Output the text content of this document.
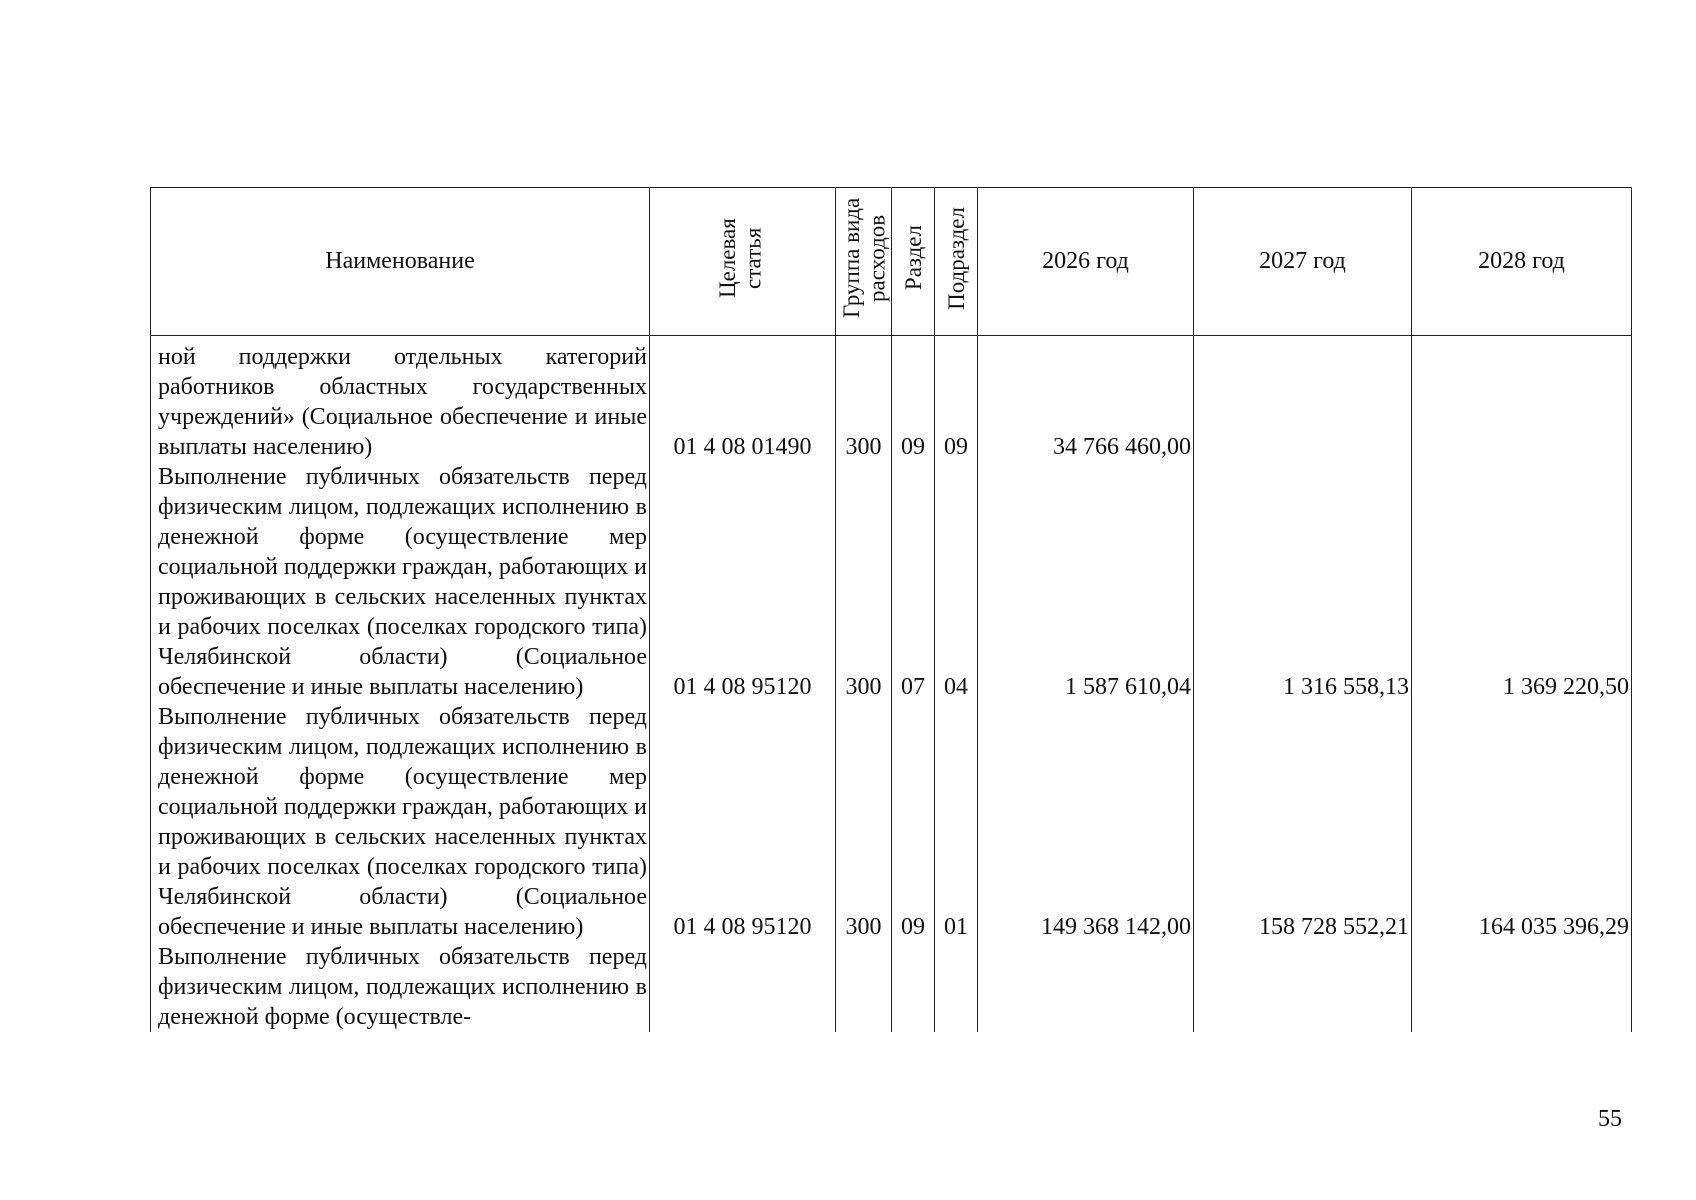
Наименование	Целевая статья	Группа вида расходов	Раздел	Подраздел	2026 год	2027 год	2028 год
ной поддержки отдельных категорий работников областных государственных учреждений» (Социальное обеспечение и иные выплаты населению)	01 4 08 01490	300	09	09	34 766 460,00		
Выполнение публичных обязательств перед физическим лицом, подлежащих исполнению в денежной форме (осуществление мер социальной поддержки граждан, работающих и проживающих в сельских населенных пунктах и рабочих поселках (поселках городского типа) Челябинской области) (Социальное обеспечение и иные выплаты населению)	01 4 08 95120	300	07	04	1 587 610,04	1 316 558,13	1 369 220,50
Выполнение публичных обязательств перед физическим лицом, подлежащих исполнению в денежной форме (осуществление мер социальной поддержки граждан, работающих и проживающих в сельских населенных пунктах и рабочих поселках (поселках городского типа) Челябинской области) (Социальное обеспечение и иные выплаты населению)	01 4 08 95120	300	09	01	149 368 142,00	158 728 552,21	164 035 396,29
Выполнение публичных обязательств перед физическим лицом, подлежащих исполнению в денежной форме (осуществле-							
55
